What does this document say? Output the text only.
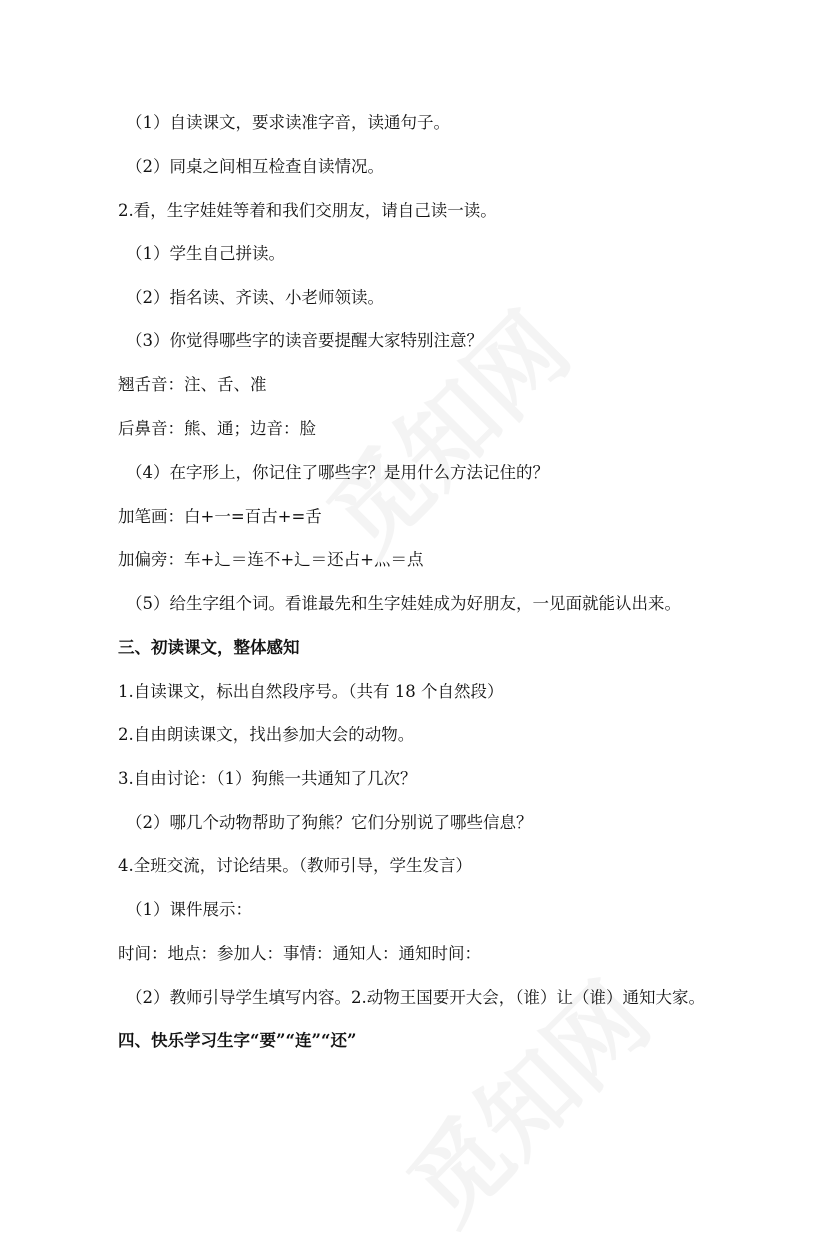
（1）自读课文，要求读准字音，读通句子。
（2）同桌之间相互检查自读情况。
2.看，生字娃娃等着和我们交朋友，请自己读一读。
（1）学生自己拼读。
（2）指名读、齐读、小老师领读。
（3）你觉得哪些字的读音要提醒大家特别注意？
翘舌音：注、舌、准
后鼻音：熊、通；边音：脸
（4）在字形上，你记住了哪些字？是用什么方法记住的？
加笔画：白+一=百古+=舌
加偏旁：车+辶＝连不+辶＝还占+灬＝点
（5）给生字组个词。看谁最先和生字娃娃成为好朋友，一见面就能认出来。
三、初读课文，整体感知
1.自读课文，标出自然段序号。（共有 18 个自然段）
2.自由朗读课文，找出参加大会的动物。
3.自由讨论：（1）狗熊一共通知了几次？
（2）哪几个动物帮助了狗熊？它们分别说了哪些信息？
4.全班交流，讨论结果。（教师引导，学生发言）
（1）课件展示：
时间：地点：参加人：事情：通知人：通知时间：
（2）教师引导学生填写内容。2.动物王国要开大会，（谁）让（谁）通知大家。
四、快乐学习生字“要”“连”“还”
